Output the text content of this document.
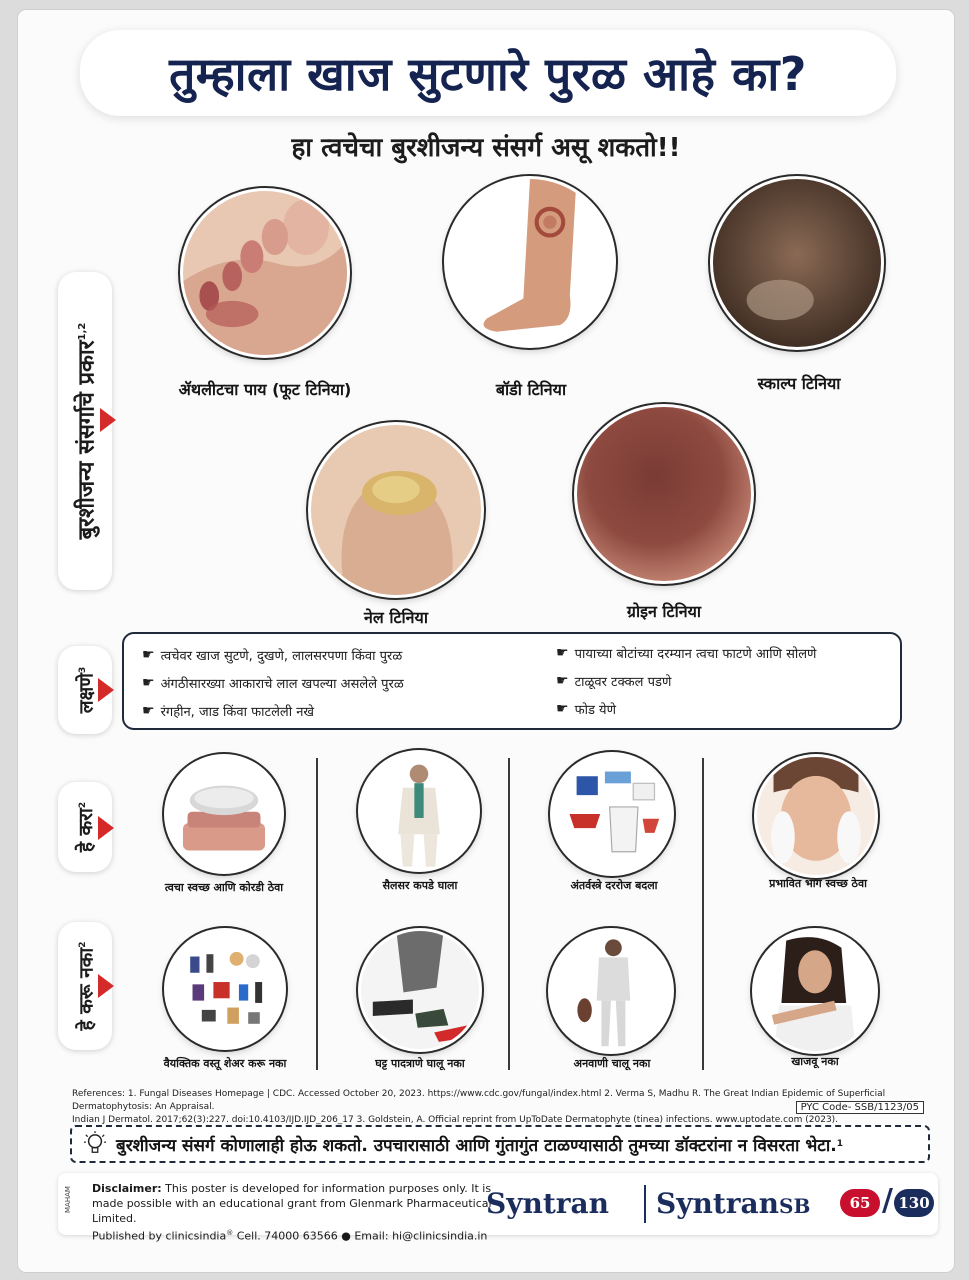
तुम्हाला खाज सुटणारे पुरळ आहे का?
हा त्वचेचा बुरशीजन्य संसर्ग असू शकतो!!
बुरशीजन्य संसर्गाचे प्रकार$^{1,2}$
ॲथलीटचा पाय (फूट टिनिया)	बॉडी टिनिया	स्काल्प टिनिया
नेल टिनिया	ग्रोइन टिनिया
लक्षणे$^3$
☛ त्वचेवर खाज सुटणे, दुखणे, लालसरपणा किंवा पुरळ
☛ अंगठीसारख्या आकाराचे लाल खपल्या असलेले पुरळ
☛ रंगहीन, जाड किंवा फाटलेली नखे
☛ पायाच्या बोटांच्या दरम्यान त्वचा फाटणे आणि सोलणे
☛ टाळूवर टक्कल पडणे
☛ फोड येणे
हे करा$^2$
त्वचा स्वच्छ आणि कोरडी ठेवा	सैलसर कपडे घाला	अंतर्वस्त्रे दररोज बदला	प्रभावित भाग स्वच्छ ठेवा
हे करू नका$^2$
वैयक्तिक वस्तू शेअर करू नका	घट्ट पादत्राणे घालू नका	अनवाणी चालू नका	खाजवू नका
References: 1. Fungal Diseases Homepage | CDC. Accessed October 20, 2023. https://www.cdc.gov/fungal/index.html 2. Verma S, Madhu R. The Great Indian Epidemic of Superficial Dermatophytosis: An Appraisal.
Indian J Dermatol. 2017;62(3):227. doi:10.4103/IJD.IJD_206_17 3. Goldstein, A. Official reprint from UpToDate Dermatophyte (tinea) infections. www.uptodate.com (2023).
PYC Code- SSB/1123/05
बुरशीजन्य संसर्ग कोणालाही होऊ शकतो. उपचारासाठी आणि गुंतागुंत टाळण्यासाठी तुमच्या डॉक्टरांना न विसरता भेटा. 1
MAHAM Disclaimer: This poster is developed for information purposes only. It is made possible with an educational grant from Glenmark Pharmaceutical Limited.
Published by clinicsindia® Cell. 74000 63566 ● Email: hi@clinicsindia.in
Syntran SyntranSB	65 / 130
